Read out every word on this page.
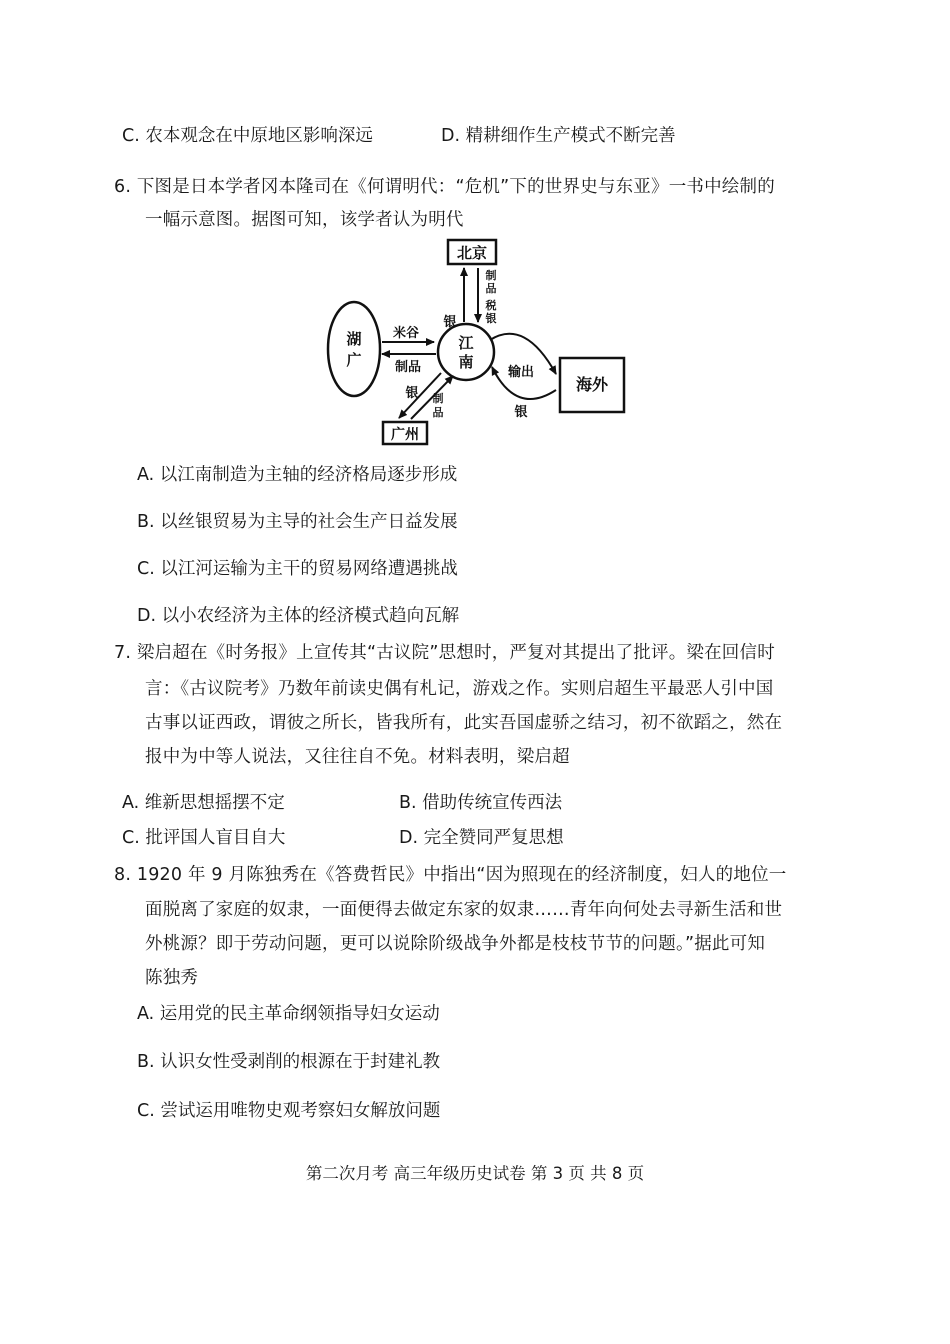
C. 农本观念在中原地区影响深远	D. 精耕细作生产模式不断完善
6. 下图是日本学者冈本隆司在《何谓明代：“危机”下的世界史与东亚》一书中绘制的
一幅示意图。据图可知，该学者认为明代
北京
湖
广
江
南
广州
海外
米谷
制品
银
制
品
税
银
银 制
品
输出
银
A. 以江南制造为主轴的经济格局逐步形成
B. 以丝银贸易为主导的社会生产日益发展
C. 以江河运输为主干的贸易网络遭遇挑战
D. 以小农经济为主体的经济模式趋向瓦解
7. 梁启超在《时务报》上宣传其“古议院”思想时，严复对其提出了批评。梁在回信时
言：《古议院考》乃数年前读史偶有札记，游戏之作。实则启超生平最恶人引中国
古事以证西政，谓彼之所长，皆我所有，此实吾国虚骄之结习，初不欲蹈之，然在
报中为中等人说法，又往往自不免。材料表明，梁启超
A. 维新思想摇摆不定	B. 借助传统宣传西法
C. 批评国人盲目自大	D. 完全赞同严复思想
8. 1920 年 9 月陈独秀在《答费哲民》中指出“因为照现在的经济制度，妇人的地位一
面脱离了家庭的奴隶，一面便得去做定东家的奴隶……青年向何处去寻新生活和世
外桃源？即于劳动问题，更可以说除阶级战争外都是枝枝节节的问题。”据此可知
陈独秀
A. 运用党的民主革命纲领指导妇女运动
B. 认识女性受剥削的根源在于封建礼教
C. 尝试运用唯物史观考察妇女解放问题
第二次月考 高三年级历史试卷 第 3 页 共 8 页
